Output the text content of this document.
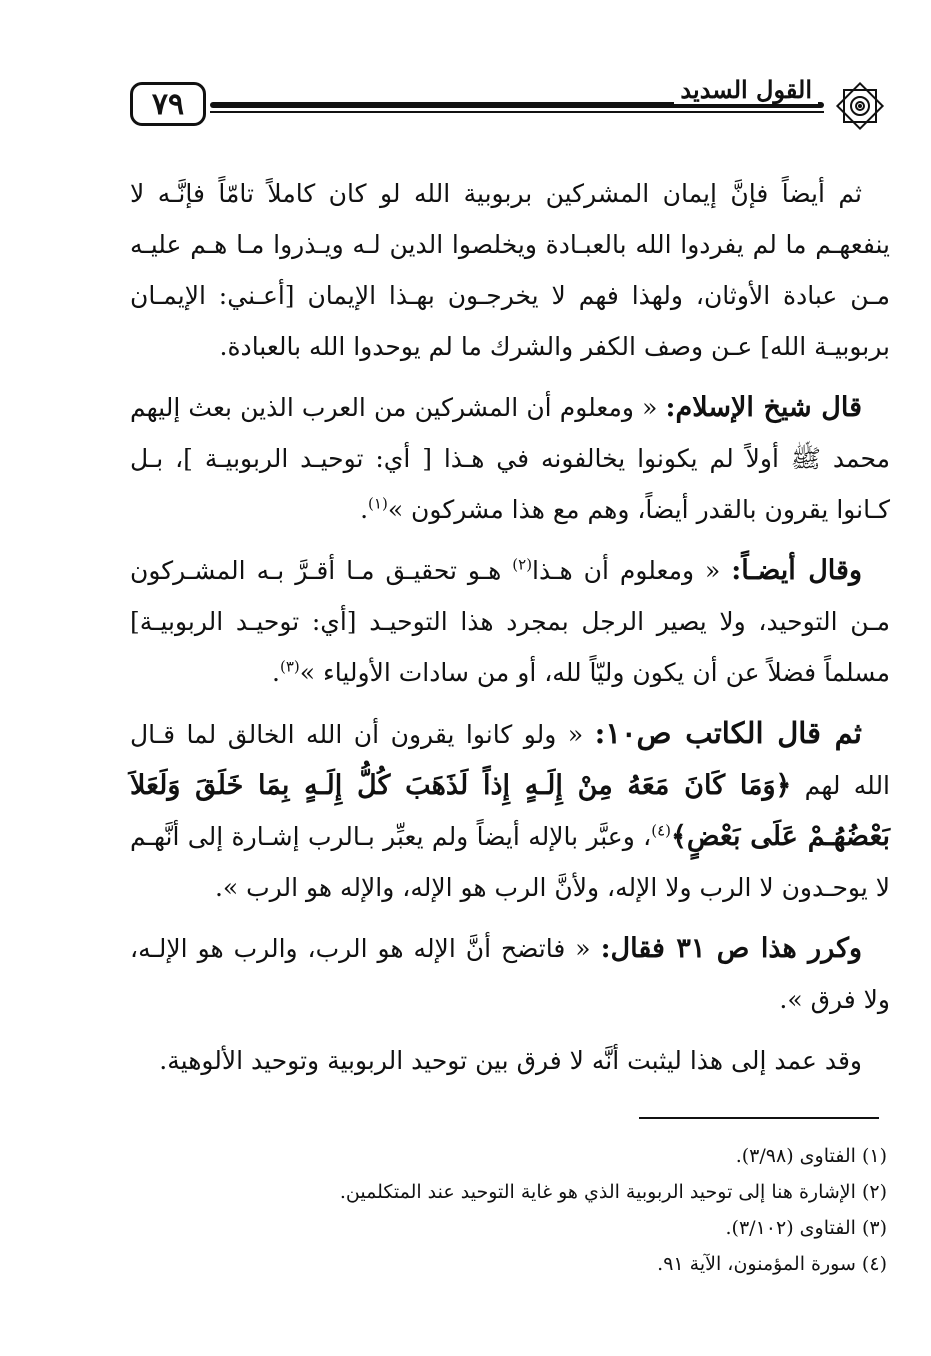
٧٩	القول السديد

ثم أيضاً فإنَّ إيمان المشركين بربوبية الله لو كان كاملاً تامّاً فإنَّـه لا ينفعهـم ما لم يفردوا الله بالعبـادة ويخلصوا الدين لـه ويـذروا مـا هـم عليـه مـن عبادة الأوثان، ولهذا فهم لا يخرجـون بهـذا الإيمان [أعـني: الإيمـان بربوبيـة الله] عـن وصف الكفر والشرك ما لم يوحدوا الله بالعبادة.

قال شيخ الإسلام: « ومعلوم أن المشركين من العرب الذين بعث إليهم محمد ﷺ أولاً لم يكونوا يخالفونه في هـذا [ أي: توحيـد الربوبيـة ]، بـل كـانوا يقرون بالقدر أيضاً، وهم مع هذا مشركون »$^{(١)}$.

وقال أيضـاً: « ومعلوم أن هـذا$^{(٢)}$ هـو تحقيـق مـا أقـرَّ بـه المشـركون مـن التوحيد، ولا يصير الرجل بمجرد هذا التوحيـد [أي: توحيـد الربوبيـة] مسلماً فضلاً عن أن يكون وليّاً لله، أو من سادات الأولياء »$^{(٣)}$.

ثم قال الكاتب ص١٠: « ولو كانوا يقرون أن الله الخالق لما قـال الله لهم ﴿وَمَا كَانَ مَعَهُ مِنْ إِلَـهٍ إِذاً لَذَهَبَ كُلُّ إِلَـهٍ بِمَا خَلَقَ وَلَعَلاَ بَعْضُهُـمْ عَلَى بَعْضٍ﴾$^{(٤)}$، وعبَّر بالإله أيضاً ولم يعبِّر بـالرب إشـارة إلى أنَّهـم لا يوحـدون لا الرب ولا الإله، ولأنَّ الرب هو الإله، والإله هو الرب ».

وكرر هذا ص ٣١ فقال: « فاتضح أنَّ الإله هو الرب، والرب هو الإلـه، ولا فرق ».

وقد عمد إلى هذا ليثبت أنَّه لا فرق بين توحيد الربوبية وتوحيد الألوهية.

(١) الفتاوى (٣/٩٨).

(٢) الإشارة هنا إلى توحيد الربوبية الذي هو غاية التوحيد عند المتكلمين.

(٣) الفتاوى (٣/١٠٢).

(٤) سورة المؤمنون، الآية ٩١.
